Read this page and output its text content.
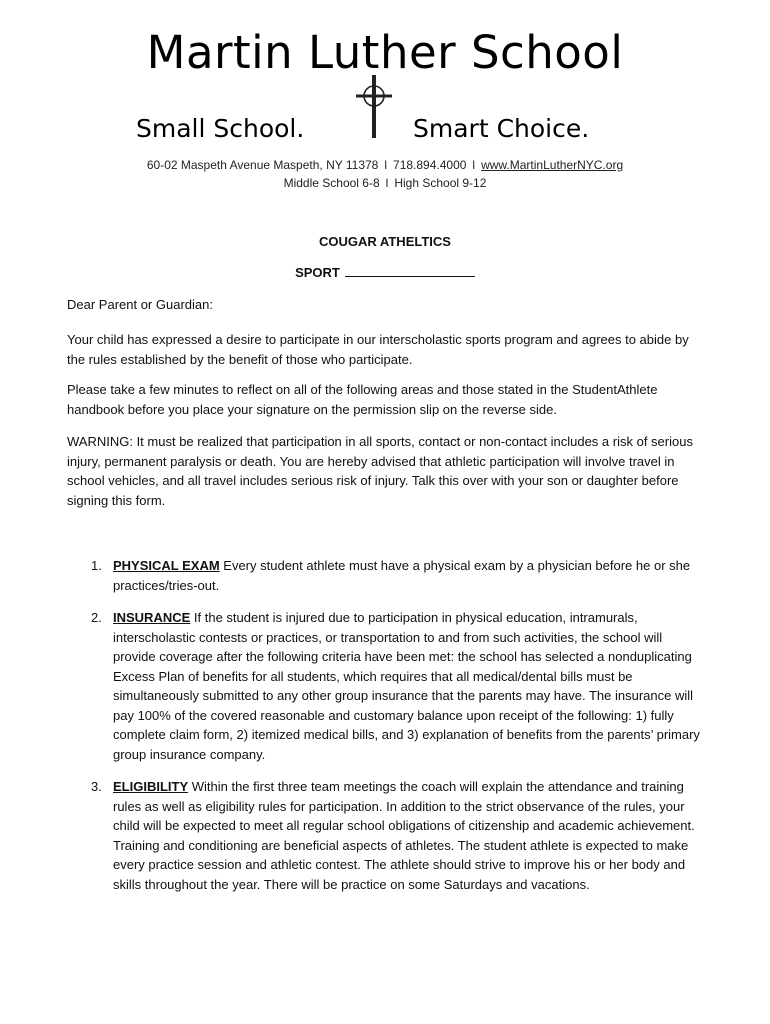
Martin Luther School
Small School.	Smart Choice.
60-02 Maspeth Avenue Maspeth, NY 11378 l 718.894.4000 l www.MartinLutherNYC.org
Middle School 6-8 l High School 9-12
COUGAR ATHELTICS
SPORT
Dear Parent or Guardian:
Your child has expressed a desire to participate in our interscholastic sports program and agrees to abide by the rules established by the benefit of those who participate.
Please take a few minutes to reflect on all of the following areas and those stated in the StudentAthlete handbook before you place your signature on the permission slip on the reverse side.
WARNING: It must be realized that participation in all sports, contact or non-contact includes a risk of serious injury, permanent paralysis or death. You are hereby advised that athletic participation will involve travel in school vehicles, and all travel includes serious risk of injury. Talk this over with your son or daughter before signing this form.
1. PHYSICAL EXAM Every student athlete must have a physical exam by a physician before he or she practices/tries-out.
2. INSURANCE If the student is injured due to participation in physical education, intramurals, interscholastic contests or practices, or transportation to and from such activities, the school will provide coverage after the following criteria have been met: the school has selected a nonduplicating Excess Plan of benefits for all students, which requires that all medical/dental bills must be simultaneously submitted to any other group insurance that the parents may have. The insurance will pay 100% of the covered reasonable and customary balance upon receipt of the following: 1) fully complete claim form, 2) itemized medical bills, and 3) explanation of benefits from the parents’ primary group insurance company.
3. ELIGIBILITY Within the first three team meetings the coach will explain the attendance and training rules as well as eligibility rules for participation. In addition to the strict observance of the rules, your child will be expected to meet all regular school obligations of citizenship and academic achievement. Training and conditioning are beneficial aspects of athletes. The student athlete is expected to make every practice session and athletic contest. The athlete should strive to improve his or her body and skills throughout the year. There will be practice on some Saturdays and vacations.
